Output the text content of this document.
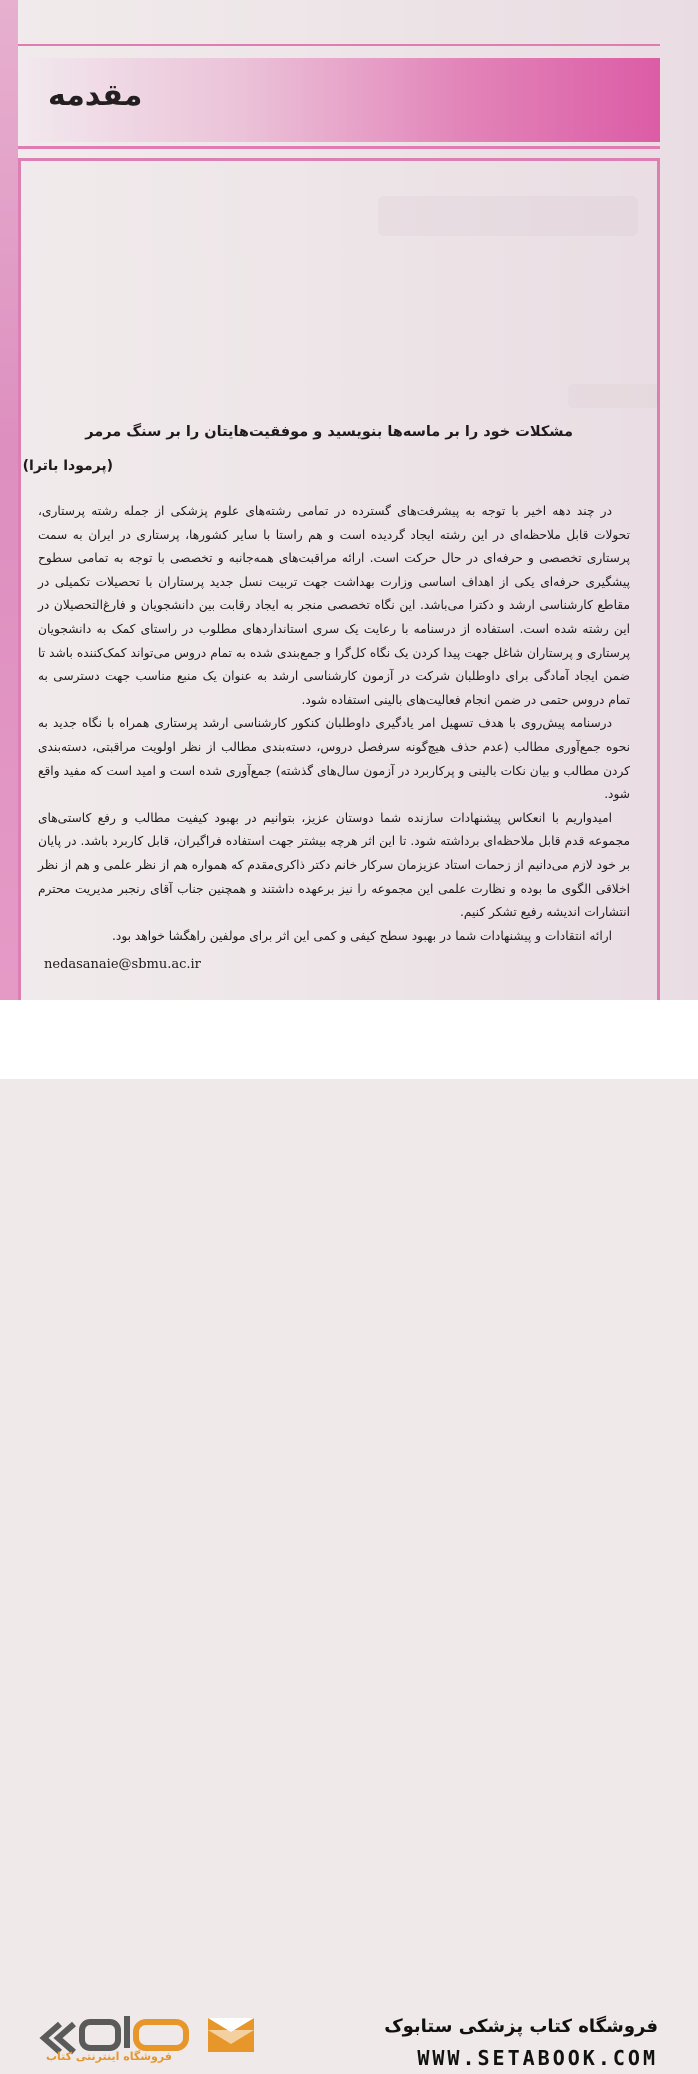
مقدمه
مشکلات خود را بر ماسه‌ها بنویسید و موفقیت‌هایتان را بر سنگ مرمر
(پرمودا باترا)

در چند دهه اخیر با توجه به پیشرفت‌های گسترده در تمامی رشته‌های علوم پزشکی از جمله رشته پرستاری، تحولات قابل ملاحظه‌ای در این رشته ایجاد گردیده است و هم راستا با سایر کشورها، پرستاری در ایران به سمت پرستاری تخصصی و حرفه‌ای در حال حرکت است. ارائه مراقبت‌های همه‌جانبه و تخصصی با توجه به تمامی سطوح پیشگیری حرفه‌ای یکی از اهداف اساسی وزارت بهداشت جهت تربیت نسل جدید پرستاران با تحصیلات تکمیلی در مقاطع کارشناسی ارشد و دکترا می‌باشد. این نگاه تخصصی منجر به ایجاد رقابت بین دانشجویان و فارغ‌التحصیلان در این رشته شده است. استفاده از درسنامه با رعایت یک سری استانداردهای مطلوب در راستای کمک به دانشجویان پرستاری و پرستاران شاغل جهت پیدا کردن یک نگاه کل‌گرا و جمع‌بندی شده به تمام دروس می‌تواند کمک‌کننده باشد تا ضمن ایجاد آمادگی برای داوطلبان شرکت در آزمون کارشناسی ارشد به عنوان یک منبع مناسب جهت دسترسی به تمام دروس حتمی در ضمن انجام فعالیت‌های بالینی استفاده شود.

درسنامه پیش‌روی با هدف تسهیل امر یادگیری داوطلبان کنکور کارشناسی ارشد پرستاری همراه با نگاه جدید به نحوه جمع‌آوری مطالب (عدم حذف هیچ‌گونه سرفصل دروس، دسته‌بندی مطالب از نظر اولویت مراقبتی، دسته‌بندی کردن مطالب و بیان نکات بالینی و پرکاربرد در آزمون سال‌های گذشته) جمع‌آوری شده است و امید است که مفید واقع شود.

امیدواریم با انعکاس پیشنهادات سازنده شما دوستان عزیز، بتوانیم در بهبود کیفیت مطالب و رفع کاستی‌های مجموعه قدم قابل ملاحظه‌ای برداشته شود. تا این اثر هرچه بیشتر جهت استفاده فراگیران، قابل کاربرد باشد. در پایان بر خود لازم می‌دانیم از زحمات استاد عزیزمان سرکار خانم دکتر ذاکری‌مقدم که همواره هم از نظر علمی و هم از نظر اخلاقی الگوی ما بوده و نظارت علمی این مجموعه را نیز برعهده داشتند و همچنین جناب آقای رنجبر مدیریت محترم انتشارات اندیشه رفیع تشکر کنیم.

ارائه انتقادات و پیشنهادات شما در بهبود سطح کیفی و کمی این اثر برای مولفین راهگشا خواهد بود.

nedasanaie@sbmu.ac.ir
فروشگاه اینترنتی کتاب
فروشگاه کتاب پزشکی ستابوک
WWW.SETABOOK.COM
